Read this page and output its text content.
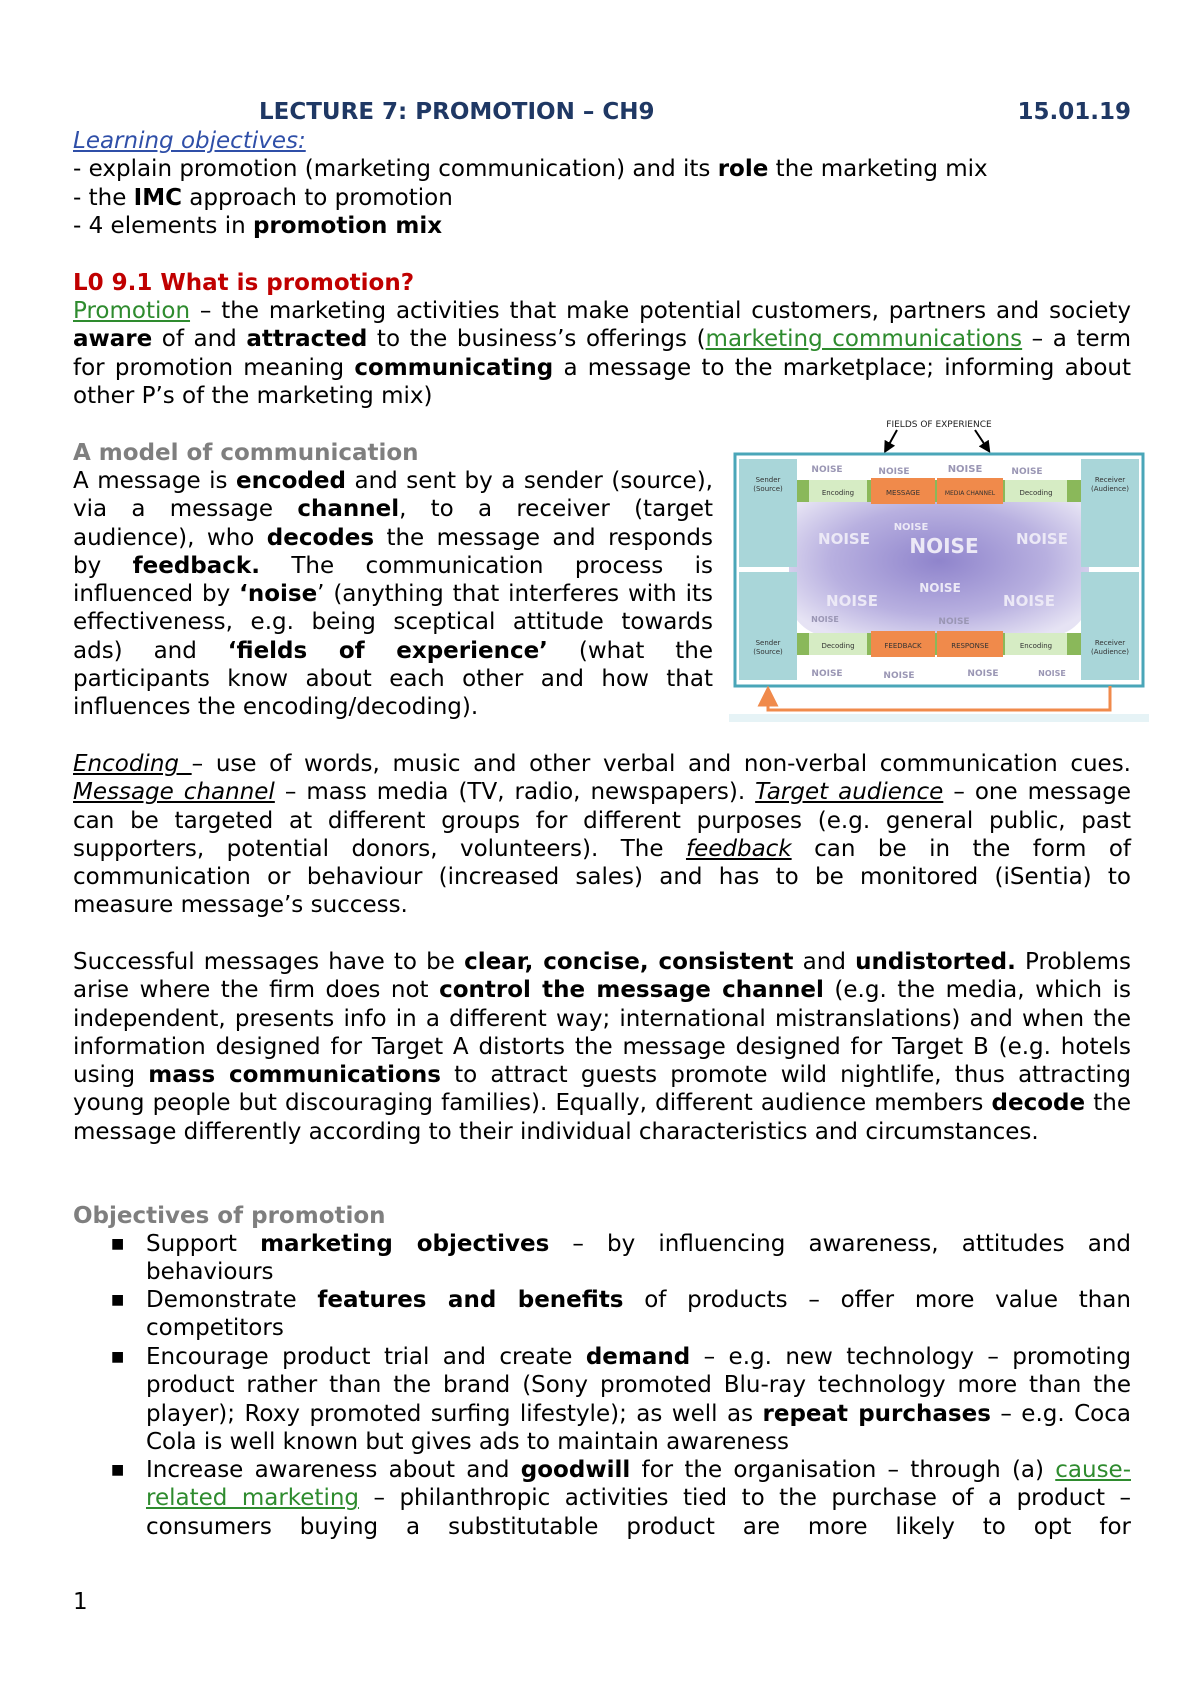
LECTURE 7: PROMOTION – CH9	15.01.19
Learning objectives:
- explain promotion (marketing communication) and its role the marketing mix
- the IMC approach to promotion
- 4 elements in promotion mix
L0 9.1 What is promotion?

Promotion – the marketing activities that make potential customers, partners and society aware of and attracted to the business’s offerings (marketing communications – a term for promotion meaning communicating a message to the marketplace; informing about other P’s of the marketing mix)

A model of communication

A message is encoded and sent by a sender (source), via a message channel, to a receiver (target audience), who decodes the message and responds by feedback. The communication process is influenced by ‘noise’ (anything that interferes with its effectiveness, e.g. being sceptical attitude towards ads) and ‘fields of experience’ (what the participants know about each other and how that influences the encoding/decoding).

FIELDS OF EXPERIENCE
Sender
(Source)
Receiver
(Audience)
Sender
(Source)
Receiver
(Audience)
Encoding	MESSAGE	MEDIA CHANNEL	Decoding
Decoding	FEEDBACK	RESPONSE	Encoding
NOISE	NOISE	NOISE	NOISE
NOISE
NOISE
NOISE NOISE
NOISE
NOISE
NOISE
NOISE	NOISE
NOISE	NOISE	NOISE	NOISE

Encoding – use of words, music and other verbal and non-verbal communication cues. Message channel – mass media (TV, radio, newspapers). Target audience – one message can be targeted at different groups for different purposes (e.g. general public, past supporters, potential donors, volunteers). The feedback can be in the form of communication or behaviour (increased sales) and has to be monitored (iSentia) to measure message’s success.

Successful messages have to be clear, concise, consistent and undistorted. Problems arise where the firm does not control the message channel (e.g. the media, which is independent, presents info in a different way; international mistranslations) and when the information designed for Target A distorts the message designed for Target B (e.g. hotels using mass communications to attract guests promote wild nightlife, thus attracting young people but discouraging families). Equally, different audience members decode the message differently according to their individual characteristics and circumstances.

Objectives of promotion
■ Support marketing objectives – by influencing awareness, attitudes and behaviours
■ Demonstrate features and benefits of products – offer more value than competitors
■ Encourage product trial and create demand – e.g. new technology – promoting product rather than the brand (Sony promoted Blu-ray technology more than the player); Roxy promoted surfing lifestyle); as well as repeat purchases – e.g. Coca Cola is well known but gives ads to maintain awareness
■ Increase awareness about and goodwill for the organisation – through (a) cause-related marketing – philanthropic activities tied to the purchase of a product – consumers buying a substitutable product are more likely to opt for
1
